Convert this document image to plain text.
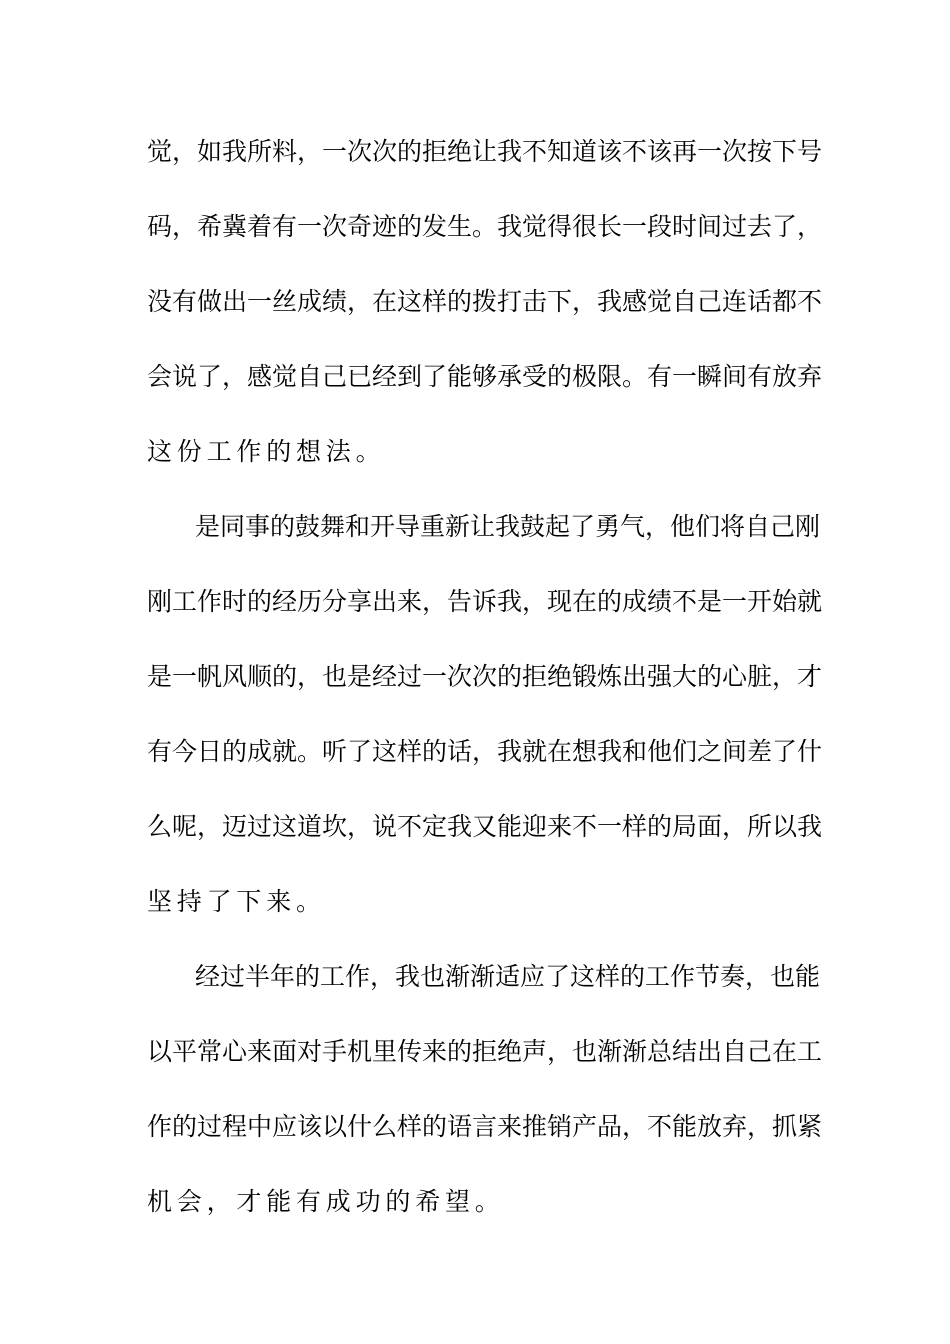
觉，如我所料，一次次的拒绝让我不知道该不该再一次按下号
码，希冀着有一次奇迹的发生。我觉得很长一段时间过去了，
没有做出一丝成绩，在这样的拨打击下，我感觉自己连话都不
会说了，感觉自己已经到了能够承受的极限。有一瞬间有放弃
这份工作的想法。
是同事的鼓舞和开导重新让我鼓起了勇气，他们将自己刚
刚工作时的经历分享出来，告诉我，现在的成绩不是一开始就
是一帆风顺的，也是经过一次次的拒绝锻炼出强大的心脏，才
有今日的成就。听了这样的话，我就在想我和他们之间差了什
么呢，迈过这道坎，说不定我又能迎来不一样的局面，所以我
坚持了下来。
经过半年的工作，我也渐渐适应了这样的工作节奏，也能
以平常心来面对手机里传来的拒绝声，也渐渐总结出自己在工
作的过程中应该以什么样的语言来推销产品，不能放弃，抓紧
机会，才能有成功的希望。
